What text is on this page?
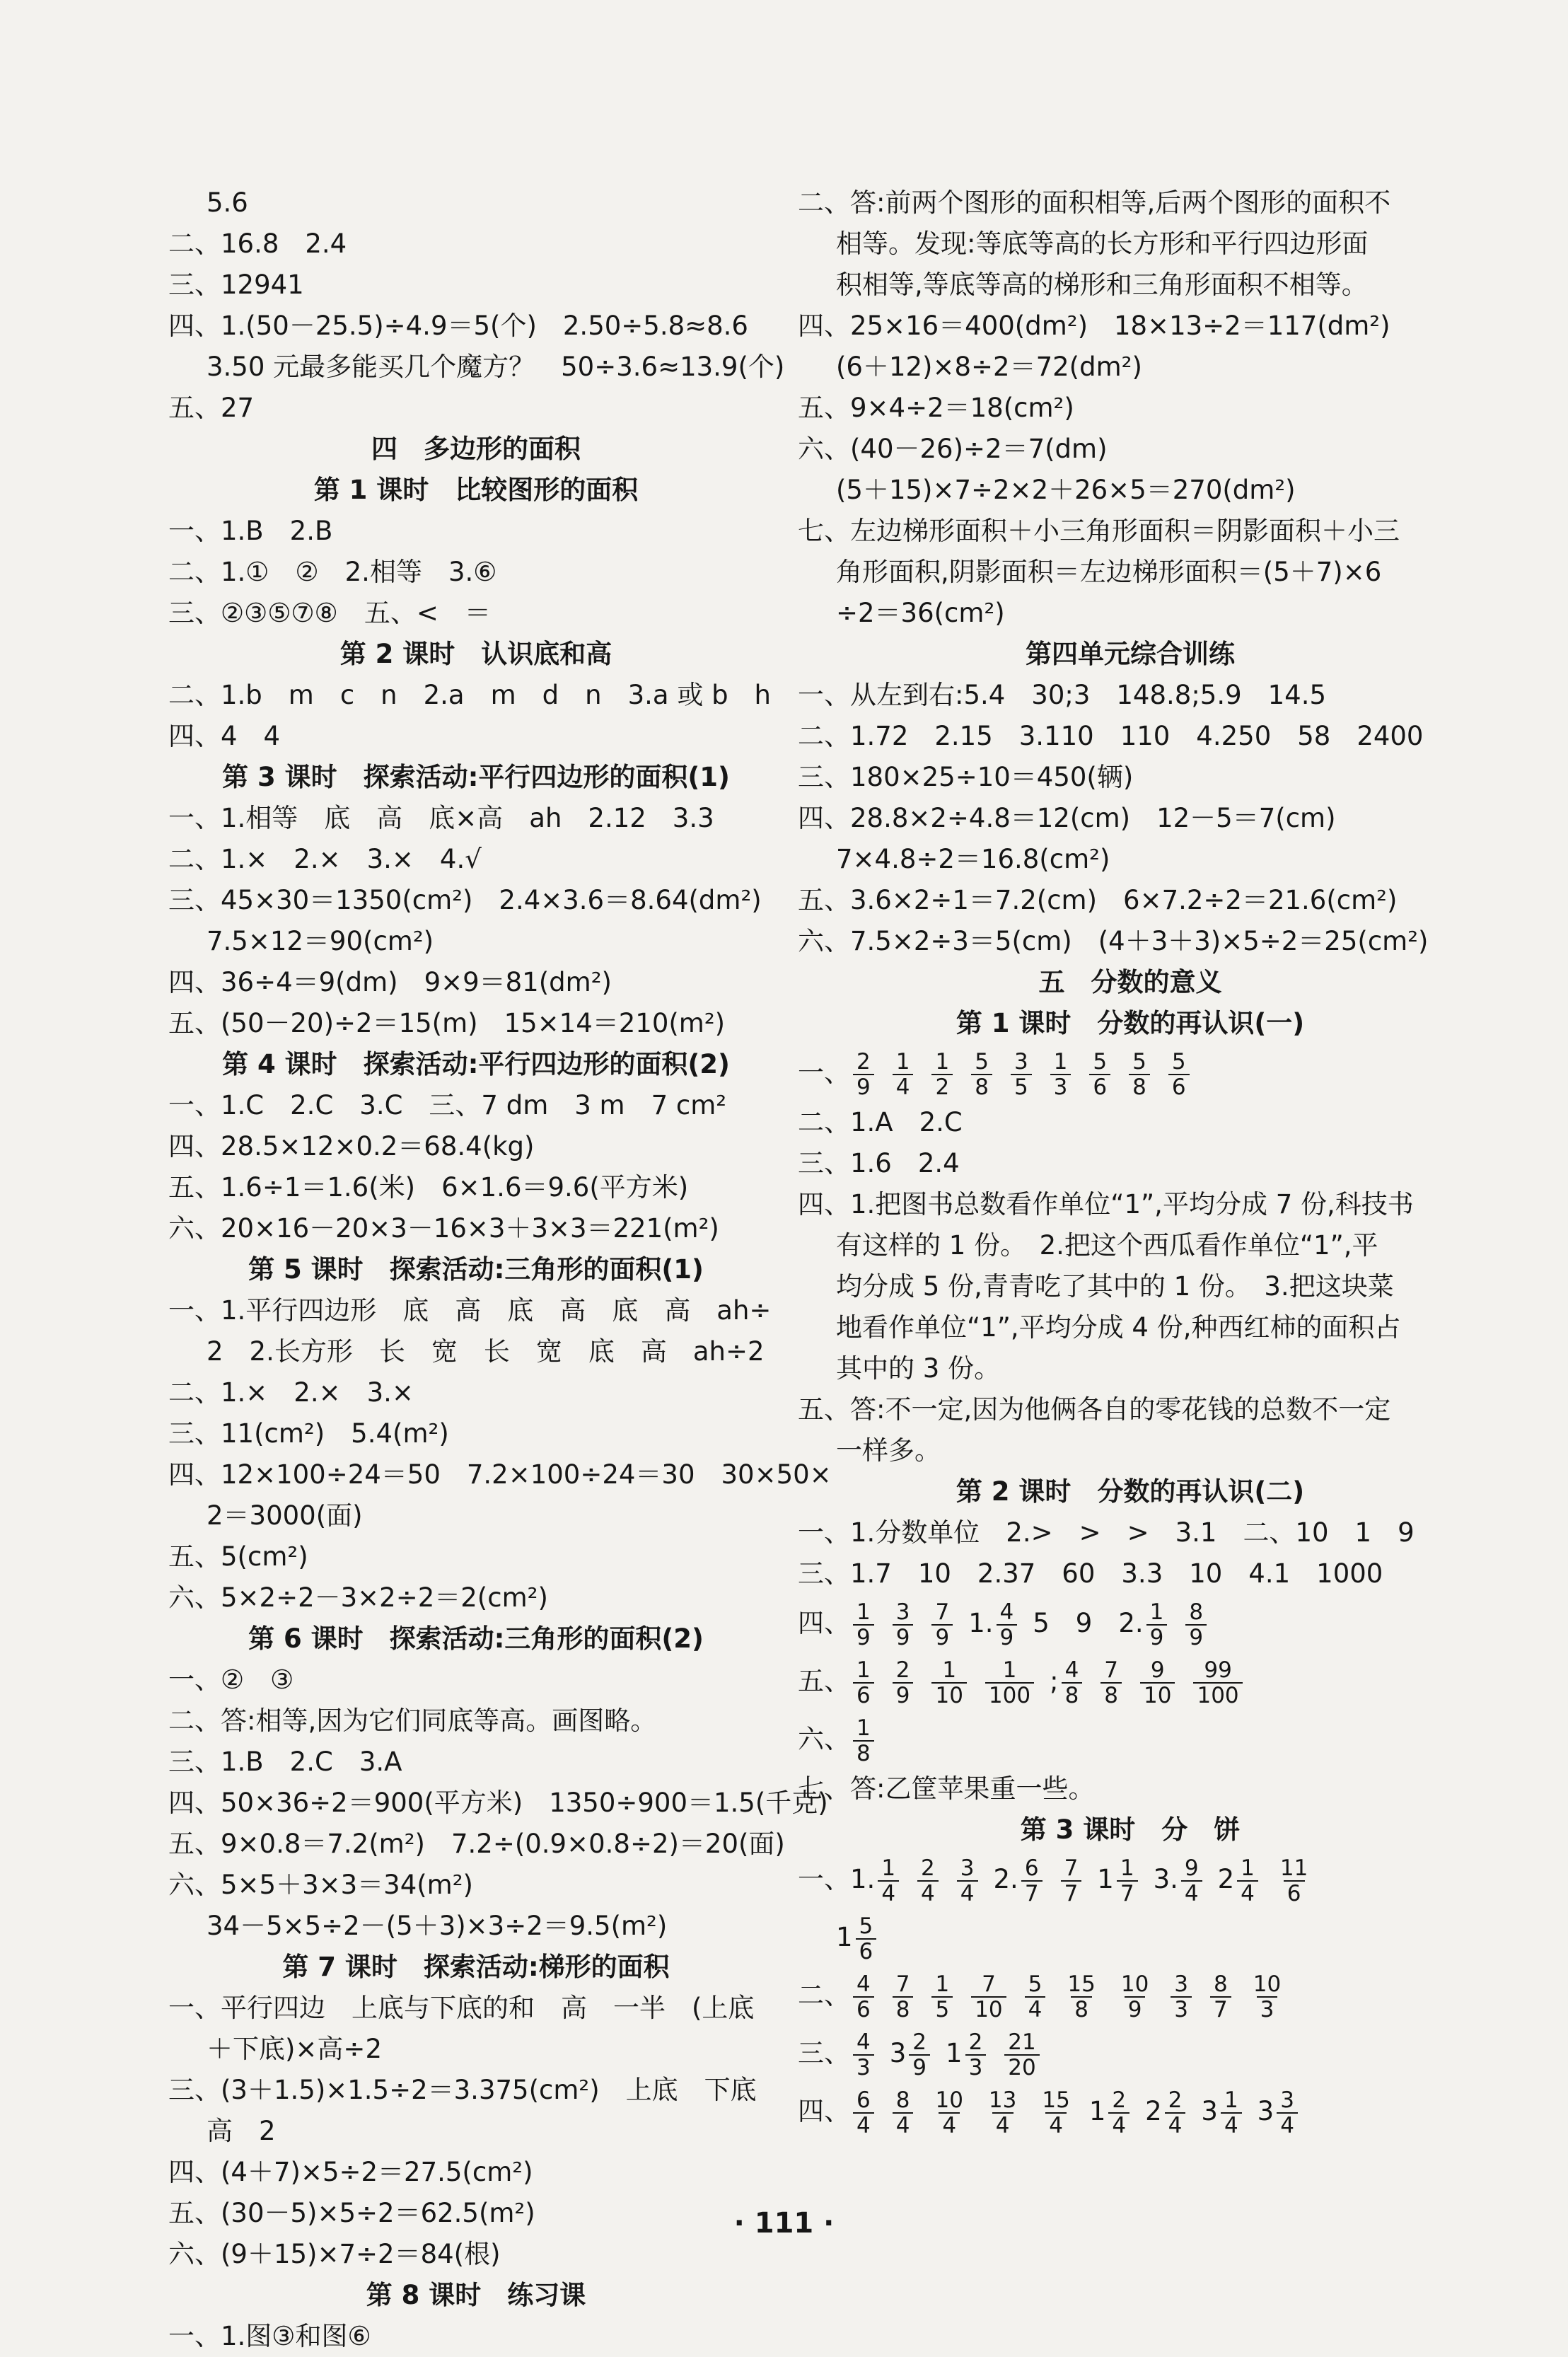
5.6
二、16.8　2.4
三、12941
四、1.(50－25.5)÷4.9＝5(个)　2.50÷5.8≈8.6
3.50 元最多能买几个魔方？　50÷3.6≈13.9(个)
五、27
四　多边形的面积
第 1 课时　比较图形的面积
一、1.B　2.B
二、1.①　②　2.相等　3.⑥
三、②③⑤⑦⑧　五、<　＝
第 2 课时　认识底和高
二、1.b　m　c　n　2.a　m　d　n　3.a 或 b　h
四、4　4
第 3 课时　探索活动:平行四边形的面积(1)
一、1.相等　底　高　底×高　ah　2.12　3.3
二、1.×　2.×　3.×　4.√
三、45×30＝1350(cm²)　2.4×3.6＝8.64(dm²)
7.5×12＝90(cm²)
四、36÷4＝9(dm)　9×9＝81(dm²)
五、(50－20)÷2＝15(m)　15×14＝210(m²)
第 4 课时　探索活动:平行四边形的面积(2)
一、1.C　2.C　3.C　三、7 dm　3 m　7 cm²
四、28.5×12×0.2＝68.4(kg)
五、1.6÷1＝1.6(米)　6×1.6＝9.6(平方米)
六、20×16－20×3－16×3＋3×3＝221(m²)
第 5 课时　探索活动:三角形的面积(1)
一、1.平行四边形　底　高　底　高　底　高　ah÷
2　2.长方形　长　宽　长　宽　底　高　ah÷2
二、1.×　2.×　3.×
三、11(cm²)　5.4(m²)
四、12×100÷24＝50　7.2×100÷24＝30　30×50×
2＝3000(面)
五、5(cm²)
六、5×2÷2－3×2÷2＝2(cm²)
第 6 课时　探索活动:三角形的面积(2)
一、②　③
二、答:相等,因为它们同底等高。画图略。
三、1.B　2.C　3.A
四、50×36÷2＝900(平方米)　1350÷900＝1.5(千克)
五、9×0.8＝7.2(m²)　7.2÷(0.9×0.8÷2)＝20(面)
六、5×5＋3×3＝34(m²)
34－5×5÷2－(5＋3)×3÷2＝9.5(m²)
第 7 课时　探索活动:梯形的面积
一、平行四边　上底与下底的和　高　一半　(上底
＋下底)×高÷2
三、(3＋1.5)×1.5÷2＝3.375(cm²)　上底　下底
高　2
四、(4＋7)×5÷2＝27.5(cm²)
五、(30－5)×5÷2＝62.5(m²)
六、(9＋15)×7÷2＝84(根)
第 8 课时　练习课
一、1.图③和图⑥
二、答:前两个图形的面积相等,后两个图形的面积不
相等。发现:等底等高的长方形和平行四边形面
积相等,等底等高的梯形和三角形面积不相等。
四、25×16＝400(dm²)　18×13÷2＝117(dm²)
(6＋12)×8÷2＝72(dm²)
五、9×4÷2＝18(cm²)
六、(40－26)÷2＝7(dm)
(5＋15)×7÷2×2＋26×5＝270(dm²)
七、左边梯形面积＋小三角形面积＝阴影面积＋小三
角形面积,阴影面积＝左边梯形面积＝(5＋7)×6
÷2＝36(cm²)
第四单元综合训练
一、从左到右:5.4　30;3　148.8;5.9　14.5
二、1.72　2.15　3.110　110　4.250　58　2400
三、180×25÷10＝450(辆)
四、28.8×2÷4.8＝12(cm)　12－5＝7(cm)
7×4.8÷2＝16.8(cm²)
五、3.6×2÷1＝7.2(cm)　6×7.2÷2＝21.6(cm²)
六、7.5×2÷3＝5(cm)　(4＋3＋3)×5÷2＝25(cm²)
五　分数的意义
第 1 课时　分数的再认识(一)
一、 $\frac{2}{9} \frac{1}{4} \frac{1}{2} \frac{5}{8} \frac{3}{5} \frac{1}{3} \frac{5}{6} \frac{5}{8} \frac{5}{6}$
二、1.A　2.C
三、1.6　2.4
四、1.把图书总数看作单位“1”,平均分成 7 份,科技书
有这样的 1 份。　2.把这个西瓜看作单位“1”,平
均分成 5 份,青青吃了其中的 1 份。　3.把这块菜
地看作单位“1”,平均分成 4 份,种西红柿的面积占
其中的 3 份。
五、答:不一定,因为他俩各自的零花钱的总数不一定
一样多。
第 2 课时　分数的再认识(二)
一、1.分数单位　2.>　>　>　3.1　二、10　1　9
三、1.7　10　2.37　60　3.3　10　4.1　1000
四、 $\frac{1}{9} \frac{3}{9} \frac{7}{9} 1$. $\frac{4}{9} 5$　9　2. $\frac{1}{9} \frac{8}{9}$
五、 $\frac{1}{6} \frac{2}{9} \frac{1}{10} \frac{1}{100}$ ; $\frac{4}{8} \frac{7}{8} \frac{9}{10} \frac{99}{100}$
六、 $\frac{1}{8}$
七、答:乙筐苹果重一些。
第 3 课时　分　饼
一、1. $\frac{1}{4} \frac{2}{4} \frac{3}{4} 2$. $\frac{6}{7} \frac{7}{7} 1 \frac{1}{7} 3$. $\frac{9}{4} 2 \frac{1}{4} \frac{11}{6}$
$1 \frac{5}{6}$
二、 $\frac{4}{6} \frac{7}{8} \frac{1}{5} \frac{7}{10} \frac{5}{4} \frac{15}{8} \frac{10}{9} \frac{3}{3} \frac{8}{7} \frac{10}{3}$
三、 $\frac{4}{3} 3 \frac{2}{9} 1 \frac{2}{3} \frac{21}{20}$
四、 $\frac{6}{4} \frac{8}{4} \frac{10}{4} \frac{13}{4} \frac{15}{4} 1 \frac{2}{4} 2 \frac{2}{4} 3 \frac{1}{4} 3 \frac{3}{4}$
· 111 ·
